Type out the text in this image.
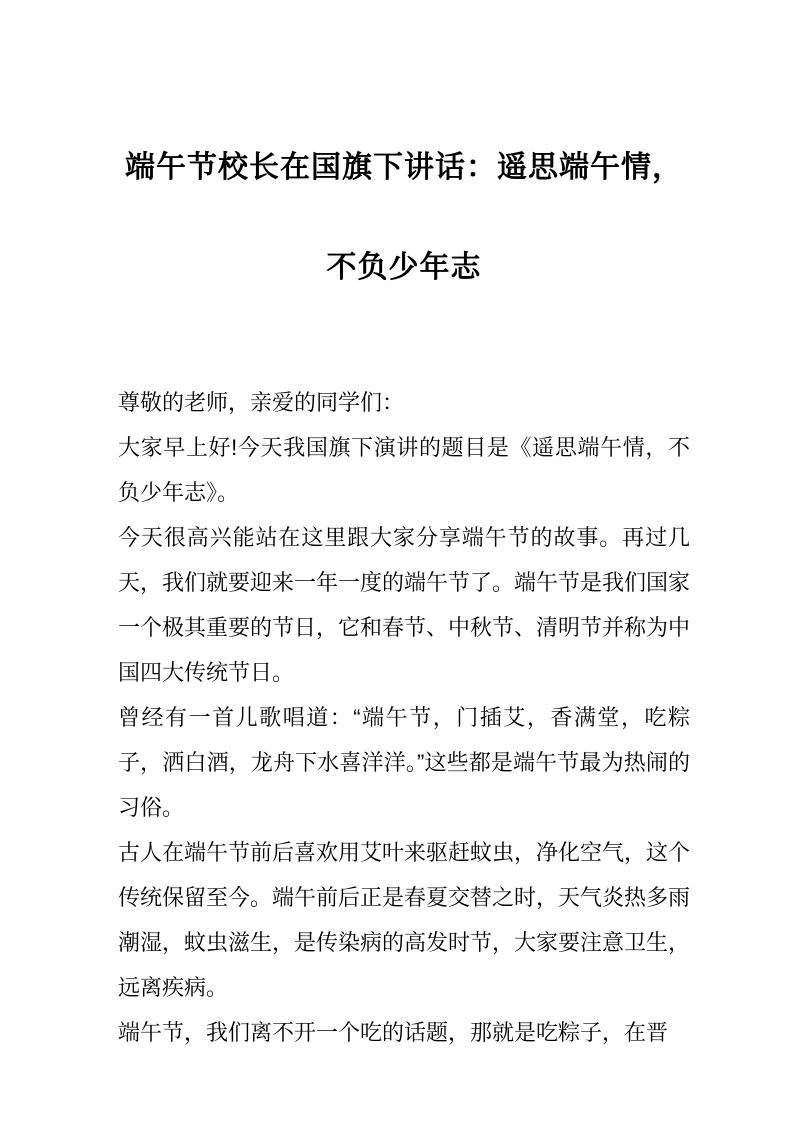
端午节校长在国旗下讲话：遥思端午情，
不负少年志

尊敬的老师，亲爱的同学们：

大家早上好!今天我国旗下演讲的题目是《遥思端午情，不负少年志》。

今天很高兴能站在这里跟大家分享端午节的故事。再过几天，我们就要迎来一年一度的端午节了。端午节是我们国家一个极其重要的节日，它和春节、中秋节、清明节并称为中国四大传统节日。

曾经有一首儿歌唱道：“端午节，门插艾，香满堂，吃粽子，洒白酒，龙舟下水喜洋洋。”这些都是端午节最为热闹的习俗。

古人在端午节前后喜欢用艾叶来驱赶蚊虫，净化空气，这个传统保留至今。端午前后正是春夏交替之时，天气炎热多雨潮湿，蚊虫滋生，是传染病的高发时节，大家要注意卫生，远离疾病。

端午节，我们离不开一个吃的话题，那就是吃粽子，在晋
